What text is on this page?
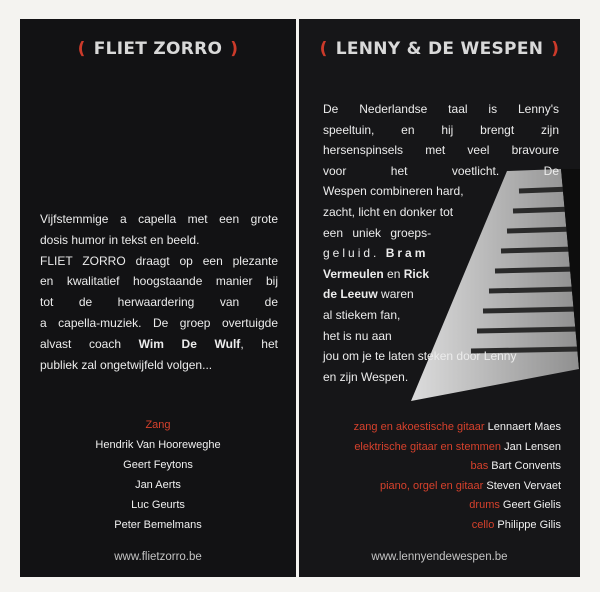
( FLIET ZORRO )
Vijfstemmige a capella met een grote
dosis humor in tekst en beeld.
FLIET ZORRO draagt op een plezante
en kwalitatief hoogstaande manier bij
tot de herwaardering van de
a capella-muziek. De groep overtuigde
alvast coach Wim De Wulf, het
publiek zal ongetwijfeld volgen...
Zang
Hendrik Van Hooreweghe
Geert Feytons
Jan Aerts
Luc Geurts
Peter Bemelmans
www.flietzorro.be
( LENNY & DE WESPEN )
De Nederlandse taal is Lenny's
speeltuin, en hij brengt zijn
hersenspinsels met veel bravoure
voor het voetlicht. De
Wespen combineren hard,
zacht, licht en donker tot
een uniek groeps-
geluid. Bram
Vermeulen en Rick
de Leeuw waren
al stiekem fan,
het is nu aan
jou om je te laten steken door Lenny
en zijn Wespen.
zang en akoestische gitaar Lennaert Maes
elektrische gitaar en stemmen Jan Lensen
bas Bart Convents
piano, orgel en gitaar Steven Vervaet
drums Geert Gielis
cello Philippe Gilis
www.lennyendewespen.be
